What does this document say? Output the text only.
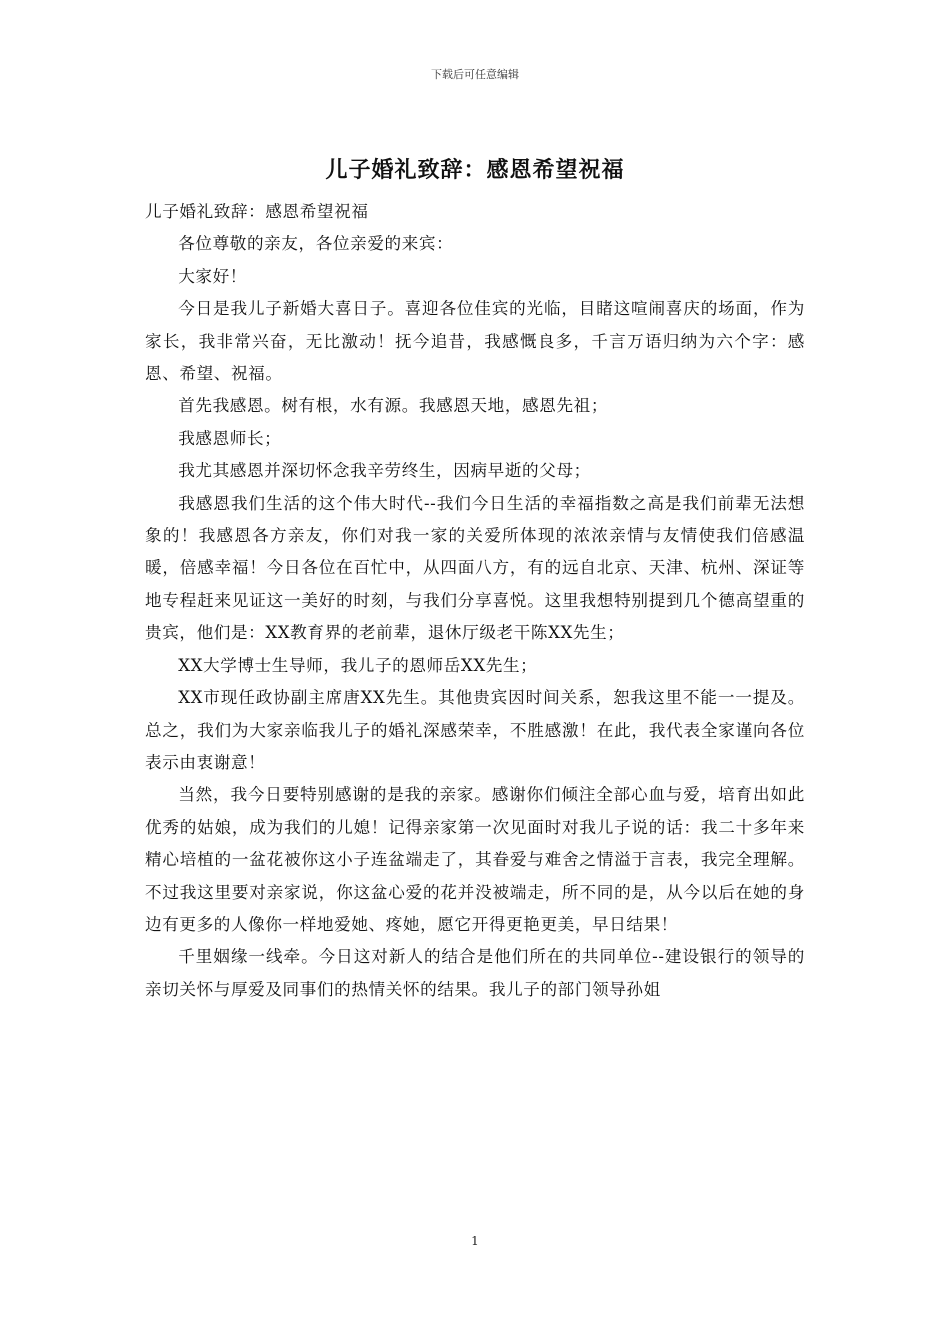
下载后可任意编辑
儿子婚礼致辞：感恩希望祝福

儿子婚礼致辞：感恩希望祝福

各位尊敬的亲友，各位亲爱的来宾：

大家好！

今日是我儿子新婚大喜日子。喜迎各位佳宾的光临，目睹这喧闹喜庆的场面，作为家长，我非常兴奋，无比激动！抚今追昔，我感慨良多，千言万语归纳为六个字：感恩、希望、祝福。

首先我感恩。树有根，水有源。我感恩天地，感恩先祖；

我感恩师长；

我尤其感恩并深切怀念我辛劳终生，因病早逝的父母；

我感恩我们生活的这个伟大时代--我们今日生活的幸福指数之高是我们前辈无法想象的！我感恩各方亲友，你们对我一家的关爱所体现的浓浓亲情与友情使我们倍感温暖，倍感幸福！今日各位在百忙中，从四面八方，有的远自北京、天津、杭州、深证等地专程赶来见证这一美好的时刻，与我们分享喜悦。这里我想特别提到几个德高望重的贵宾，他们是：XX教育界的老前辈，退休厅级老干陈XX先生；

XX大学博士生导师，我儿子的恩师岳XX先生；

XX市现任政协副主席唐XX先生。其他贵宾因时间关系，恕我这里不能一一提及。总之，我们为大家亲临我儿子的婚礼深感荣幸，不胜感激！在此，我代表全家谨向各位表示由衷谢意！

当然，我今日要特别感谢的是我的亲家。感谢你们倾注全部心血与爱，培育出如此优秀的姑娘，成为我们的儿媳！记得亲家第一次见面时对我儿子说的话：我二十多年来精心培植的一盆花被你这小子连盆端走了，其眷爱与难舍之情溢于言表，我完全理解。不过我这里要对亲家说，你这盆心爱的花并没被端走，所不同的是，从今以后在她的身边有更多的人像你一样地爱她、疼她，愿它开得更艳更美，早日结果！

千里姻缘一线牵。今日这对新人的结合是他们所在的共同单位--建设银行的领导的亲切关怀与厚爱及同事们的热情关怀的结果。我儿子的部门领导孙姐

1
